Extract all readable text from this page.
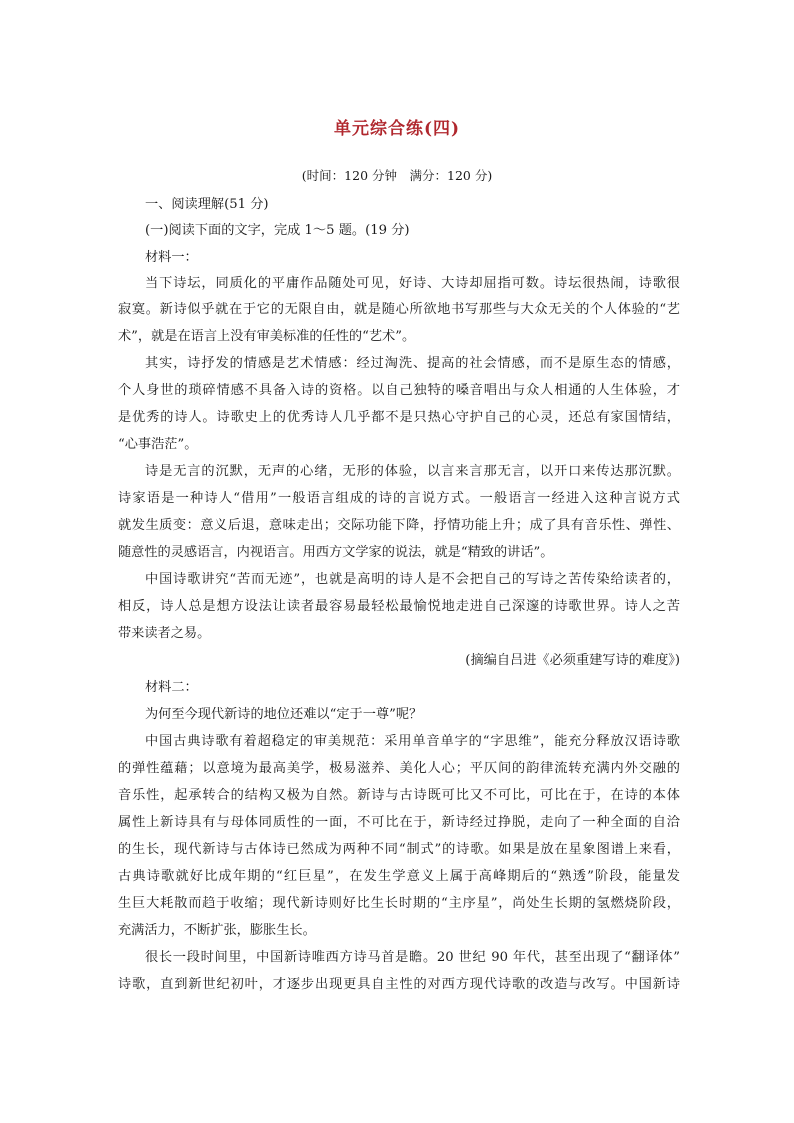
单元综合练(四)
(时间：120 分钟　满分：120 分)
一、阅读理解(51 分)
(一)阅读下面的文字，完成 1～5 题。(19 分)
材料一：
当下诗坛，同质化的平庸作品随处可见，好诗、大诗却屈指可数。诗坛很热闹，诗歌很
寂寞。新诗似乎就在于它的无限自由，就是随心所欲地书写那些与大众无关的个人体验的“艺
术”，就是在语言上没有审美标准的任性的“艺术”。
其实，诗抒发的情感是艺术情感：经过淘洗、提高的社会情感，而不是原生态的情感，
个人身世的琐碎情感不具备入诗的资格。以自己独特的嗓音唱出与众人相通的人生体验，才
是优秀的诗人。诗歌史上的优秀诗人几乎都不是只热心守护自己的心灵，还总有家国情结，
“心事浩茫”。
诗是无言的沉默，无声的心绪，无形的体验，以言来言那无言，以开口来传达那沉默。
诗家语是一种诗人“借用”一般语言组成的诗的言说方式。一般语言一经进入这种言说方式
就发生质变：意义后退，意味走出；交际功能下降，抒情功能上升；成了具有音乐性、弹性、
随意性的灵感语言，内视语言。用西方文学家的说法，就是“精致的讲话”。
中国诗歌讲究“苦而无迹”，也就是高明的诗人是不会把自己的写诗之苦传染给读者的，
相反，诗人总是想方设法让读者最容易最轻松最愉悦地走进自己深邃的诗歌世界。诗人之苦
带来读者之易。
(摘编自吕进《必须重建写诗的难度》)
材料二：
为何至今现代新诗的地位还难以“定于一尊”呢？
中国古典诗歌有着超稳定的审美规范：采用单音单字的“字思维”，能充分释放汉语诗歌
的弹性蕴藉；以意境为最高美学，极易滋养、美化人心；平仄间的韵律流转充满内外交融的
音乐性，起承转合的结构又极为自然。新诗与古诗既可比又不可比，可比在于，在诗的本体
属性上新诗具有与母体同质性的一面，不可比在于，新诗经过挣脱，走向了一种全面的自洽
的生长，现代新诗与古体诗已然成为两种不同“制式”的诗歌。如果是放在星象图谱上来看，
古典诗歌就好比成年期的“红巨星”，在发生学意义上属于高峰期后的“熟透”阶段，能量发
生巨大耗散而趋于收缩；现代新诗则好比生长时期的“主序星”，尚处生长期的氢燃烧阶段，
充满活力，不断扩张，膨胀生长。
很长一段时间里，中国新诗唯西方诗马首是瞻。20 世纪 90 年代，甚至出现了“翻译体”
诗歌，直到新世纪初叶，才逐步出现更具自主性的对西方现代诗歌的改造与改写。中国新诗
